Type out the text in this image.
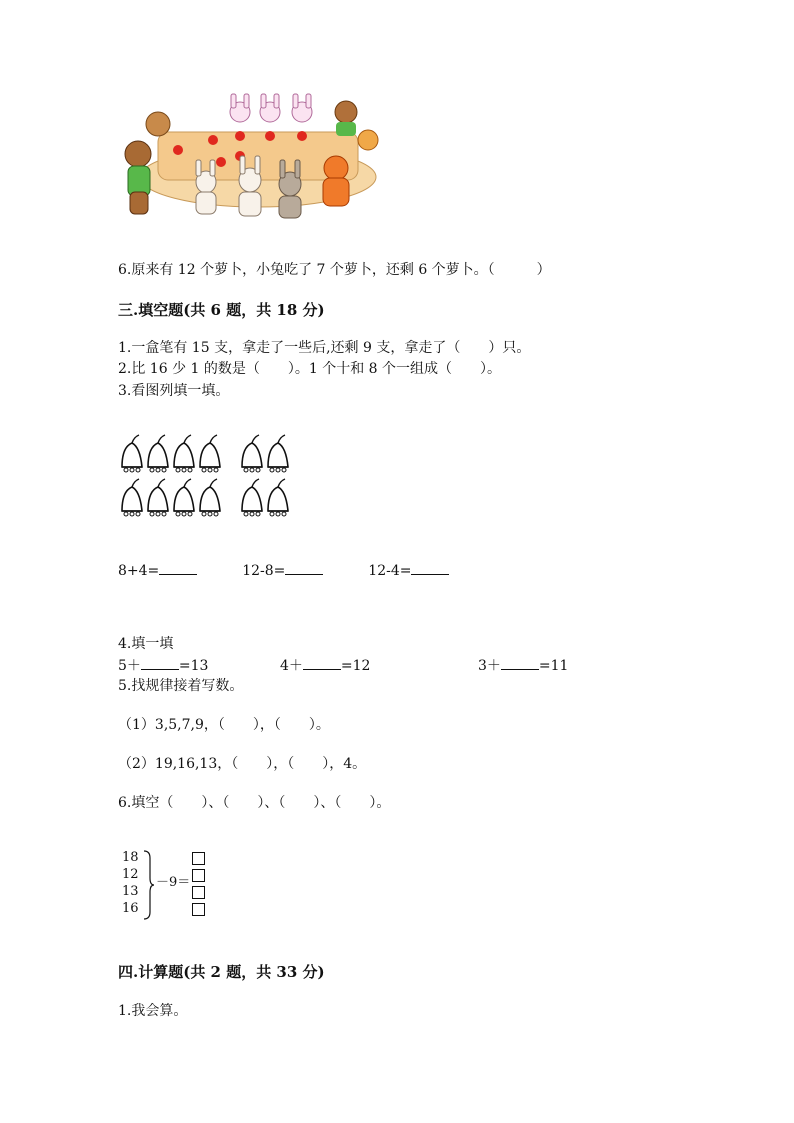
6.原来有 12 个萝卜，小兔吃了 7 个萝卜，还剩 6 个萝卜。（　　　）
三.填空题(共 6 题，共 18 分)
1.一盒笔有 15 支，拿走了一些后,还剩 9 支，拿走了（　　）只。
2.比 16 少 1 的数是（　　）。1 个十和 8 个一组成（　　）。
3.看图列填一填。
8+4=	12-8=	12-4=
4.填一填
5＋	=13	4＋	=12	3＋	=11
5.找规律接着写数。
（1）3,5,7,9，（　　），（　　）。
（2）19,16,13，（　　），（　　），4。
6.填空（　　）、（　　）、（　　）、（　　）。
18
12
13
16
－9＝
四.计算题(共 2 题，共 33 分)
1.我会算。
